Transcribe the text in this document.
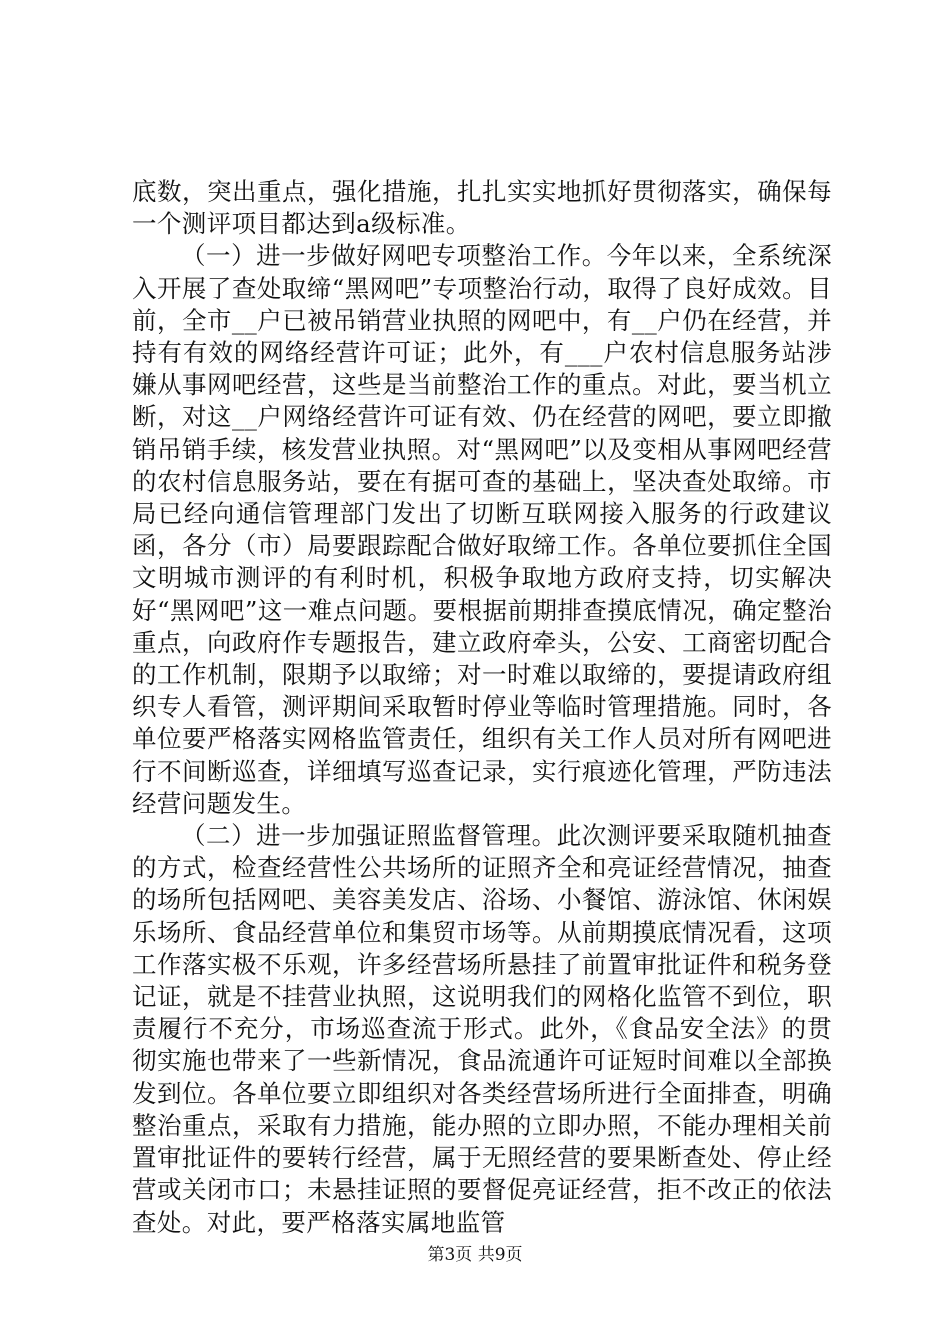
底数，突出重点，强化措施，扎扎实实地抓好贯彻落实，确保每一个测评项目都达到a级标准。

（一）进一步做好网吧专项整治工作。今年以来，全系统深入开展了查处取缔“黑网吧”专项整治行动，取得了良好成效。目前，全市__户已被吊销营业执照的网吧中，有__户仍在经营，并持有有效的网络经营许可证；此外，有___户农村信息服务站涉嫌从事网吧经营，这些是当前整治工作的重点。对此，要当机立断，对这__户网络经营许可证有效、仍在经营的网吧，要立即撤销吊销手续，核发营业执照。对“黑网吧”以及变相从事网吧经营的农村信息服务站，要在有据可查的基础上，坚决查处取缔。市局已经向通信管理部门发出了切断互联网接入服务的行政建议函，各分（市）局要跟踪配合做好取缔工作。各单位要抓住全国文明城市测评的有利时机，积极争取地方政府支持，切实解决好“黑网吧”这一难点问题。要根据前期排查摸底情况，确定整治重点，向政府作专题报告，建立政府牵头，公安、工商密切配合的工作机制，限期予以取缔；对一时难以取缔的，要提请政府组织专人看管，测评期间采取暂时停业等临时管理措施。同时，各单位要严格落实网格监管责任，组织有关工作人员对所有网吧进行不间断巡查，详细填写巡查记录，实行痕迹化管理，严防违法经营问题发生。

（二）进一步加强证照监督管理。此次测评要采取随机抽查的方式，检查经营性公共场所的证照齐全和亮证经营情况，抽查的场所包括网吧、美容美发店、浴场、小餐馆、游泳馆、休闲娱乐场所、食品经营单位和集贸市场等。从前期摸底情况看，这项工作落实极不乐观，许多经营场所悬挂了前置审批证件和税务登记证，就是不挂营业执照，这说明我们的网格化监管不到位，职责履行不充分，市场巡查流于形式。此外，《食品安全法》的贯彻实施也带来了一些新情况，食品流通许可证短时间难以全部换发到位。各单位要立即组织对各类经营场所进行全面排查，明确整治重点，采取有力措施，能办照的立即办照，不能办理相关前置审批证件的要转行经营，属于无照经营的要果断查处、停止经营或关闭市口；未悬挂证照的要督促亮证经营，拒不改正的依法查处。对此，要严格落实属地监管

第3页 共9页
